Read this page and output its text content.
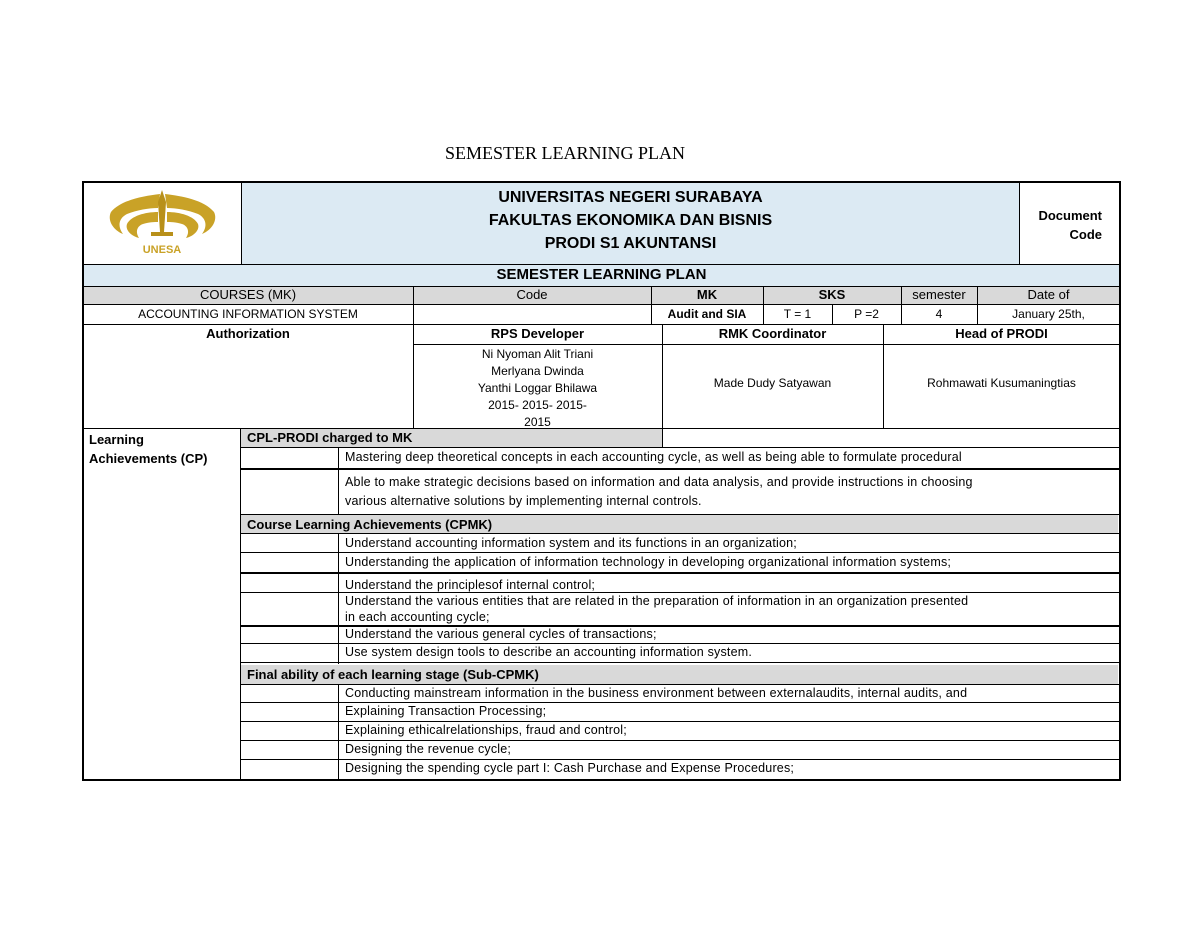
SEMESTER LEARNING PLAN
UNESA
UNIVERSITAS NEGERI SURABAYA
FAKULTAS EKONOMIKA DAN BISNIS
PRODI S1 AKUNTANSI
Document
Code
SEMESTER LEARNING PLAN
COURSES (MK)	Code	MK	SKS	semester	Date of
ACCOUNTING INFORMATION SYSTEM	Audit and SIA	T = 1	P =2	4	January 25th,
Authorization	RPS Developer	RMK Coordinator	Head of PRODI
Ni Nyoman Alit Triani
Merlyana Dwinda
Yanthi Loggar Bhilawa
2015- 2015- 2015-
2015
Made Dudy Satyawan	Rohmawati Kusumaningtias
Learning
Achievements (CP)
CPL-PRODI charged to MK
Mastering deep theoretical concepts in each accounting cycle, as well as being able to formulate procedural
Able to make strategic decisions based on information and data analysis, and provide instructions in choosing
various alternative solutions by implementing internal controls.
Course Learning Achievements (CPMK)
Understand accounting information system and its functions in an organization;
Understanding the application of information technology in developing organizational information systems;
Understand the principlesof internal control;
Understand the various entities that are related in the preparation of information in an organization presented
in each accounting cycle;
Understand the various general cycles of transactions;
Use system design tools to describe an accounting information system.
Final ability of each learning stage (Sub-CPMK)
Conducting mainstream information in the business environment between externalaudits, internal audits, and
Explaining Transaction Processing;
Explaining ethicalrelationships, fraud and control;
Designing the revenue cycle;
Designing the spending cycle part I: Cash Purchase and Expense Procedures;
